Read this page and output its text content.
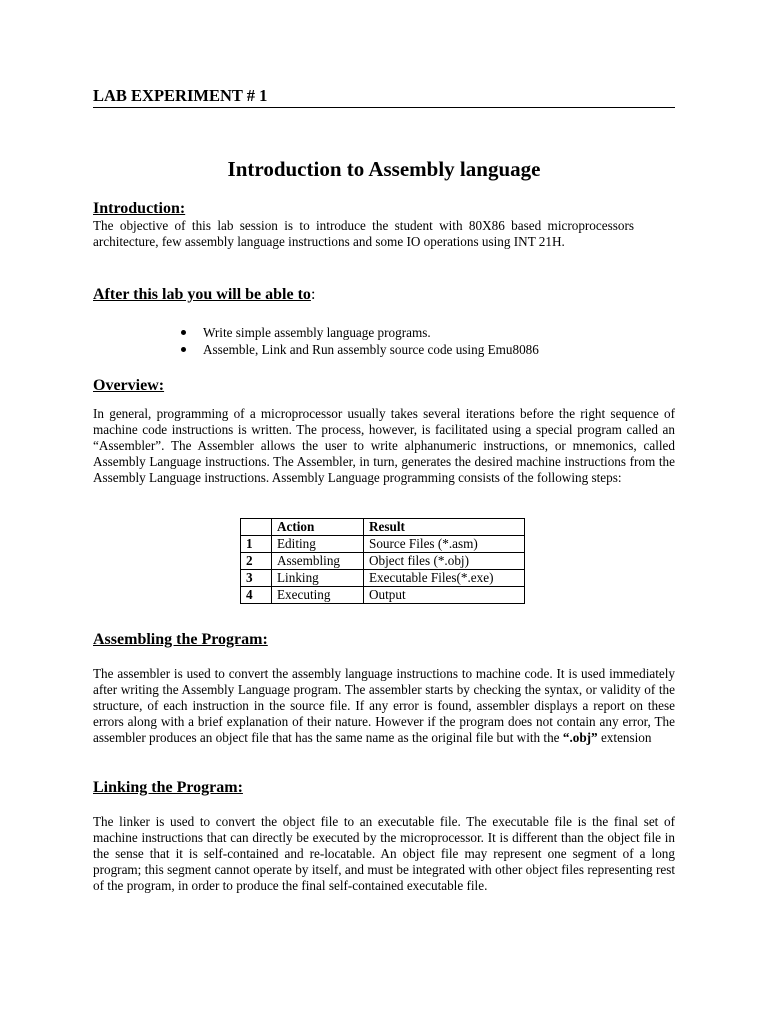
LAB EXPERIMENT # 1
Introduction to Assembly language
Introduction:
The objective of this lab session is to introduce the student with 80X86 based microprocessors architecture, few assembly language instructions and some IO operations using INT 21H.
After this lab you will be able to:
Write simple assembly language programs.
Assemble, Link and Run assembly source code using Emu8086
Overview:
In general, programming of a microprocessor usually takes several iterations before the right sequence of machine code instructions is written. The process, however, is facilitated using a special program called an “Assembler”. The Assembler allows the user to write alphanumeric instructions, or mnemonics, called Assembly Language instructions. The Assembler, in turn, generates the desired machine instructions from the Assembly Language instructions. Assembly Language programming consists of the following steps:
	Action	Result
1	Editing	Source Files (*.asm)
2	Assembling	Object files (*.obj)
3	Linking	Executable Files(*.exe)
4	Executing	Output
Assembling the Program:
The assembler is used to convert the assembly language instructions to machine code. It is used immediately after writing the Assembly Language program. The assembler starts by checking the syntax, or validity of the structure, of each instruction in the source file. If any error is found, assembler displays a report on these errors along with a brief explanation of their nature. However if the program does not contain any error, The assembler produces an object file that has the same name as the original file but with the “.obj” extension
Linking the Program:
The linker is used to convert the object file to an executable file. The executable file is the final set of machine instructions that can directly be executed by the microprocessor. It is different than the object file in the sense that it is self-contained and re-locatable. An object file may represent one segment of a long program; this segment cannot operate by itself, and must be integrated with other object files representing rest of the program, in order to produce the final self-contained executable file.
